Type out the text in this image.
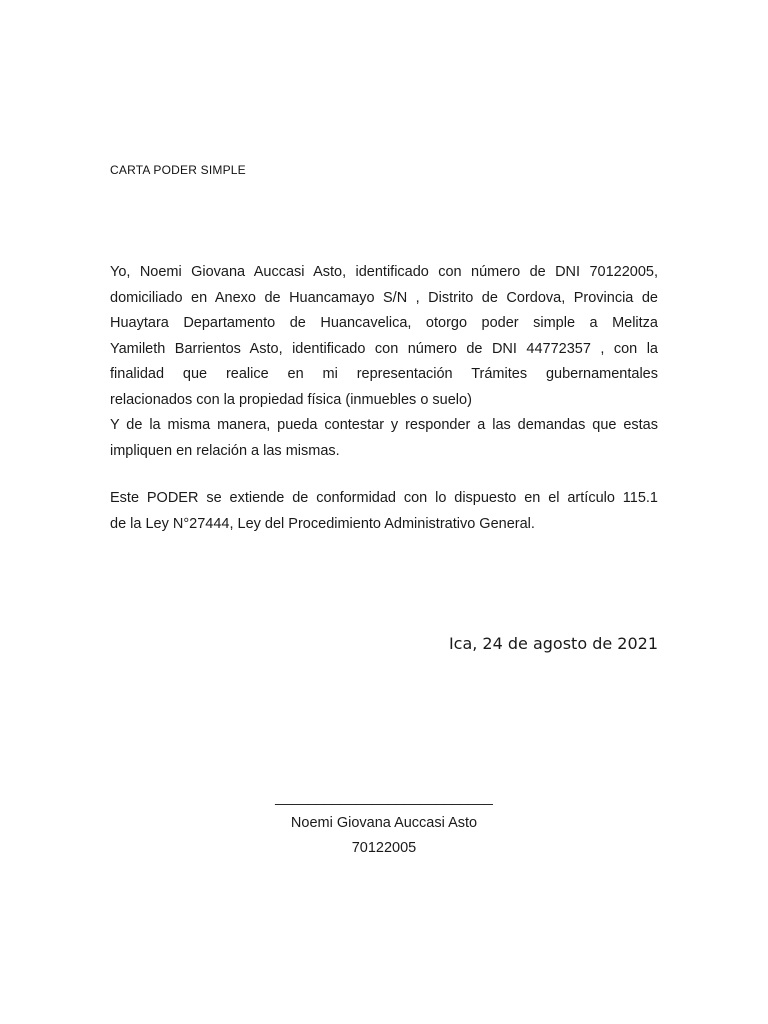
CARTA PODER SIMPLE
Yo, Noemi Giovana Auccasi Asto, identificado con número de DNI 70122005,
domiciliado en Anexo de Huancamayo S/N , Distrito de Cordova, Provincia de
Huaytara Departamento de Huancavelica, otorgo poder simple a Melitza
Yamileth Barrientos Asto, identificado con número de DNI 44772357 , con la
finalidad que realice en mi representación Trámites gubernamentales
relacionados con la propiedad física (inmuebles o suelo)
Y de la misma manera, pueda contestar y responder a las demandas que estas
impliquen en relación a las mismas.
Este PODER se extiende de conformidad con lo dispuesto en el artículo 115.1
de la Ley N°27444, Ley del Procedimiento Administrativo General.
Ica, 24 de agosto de 2021
___________________________
Noemi Giovana Auccasi Asto
70122005
